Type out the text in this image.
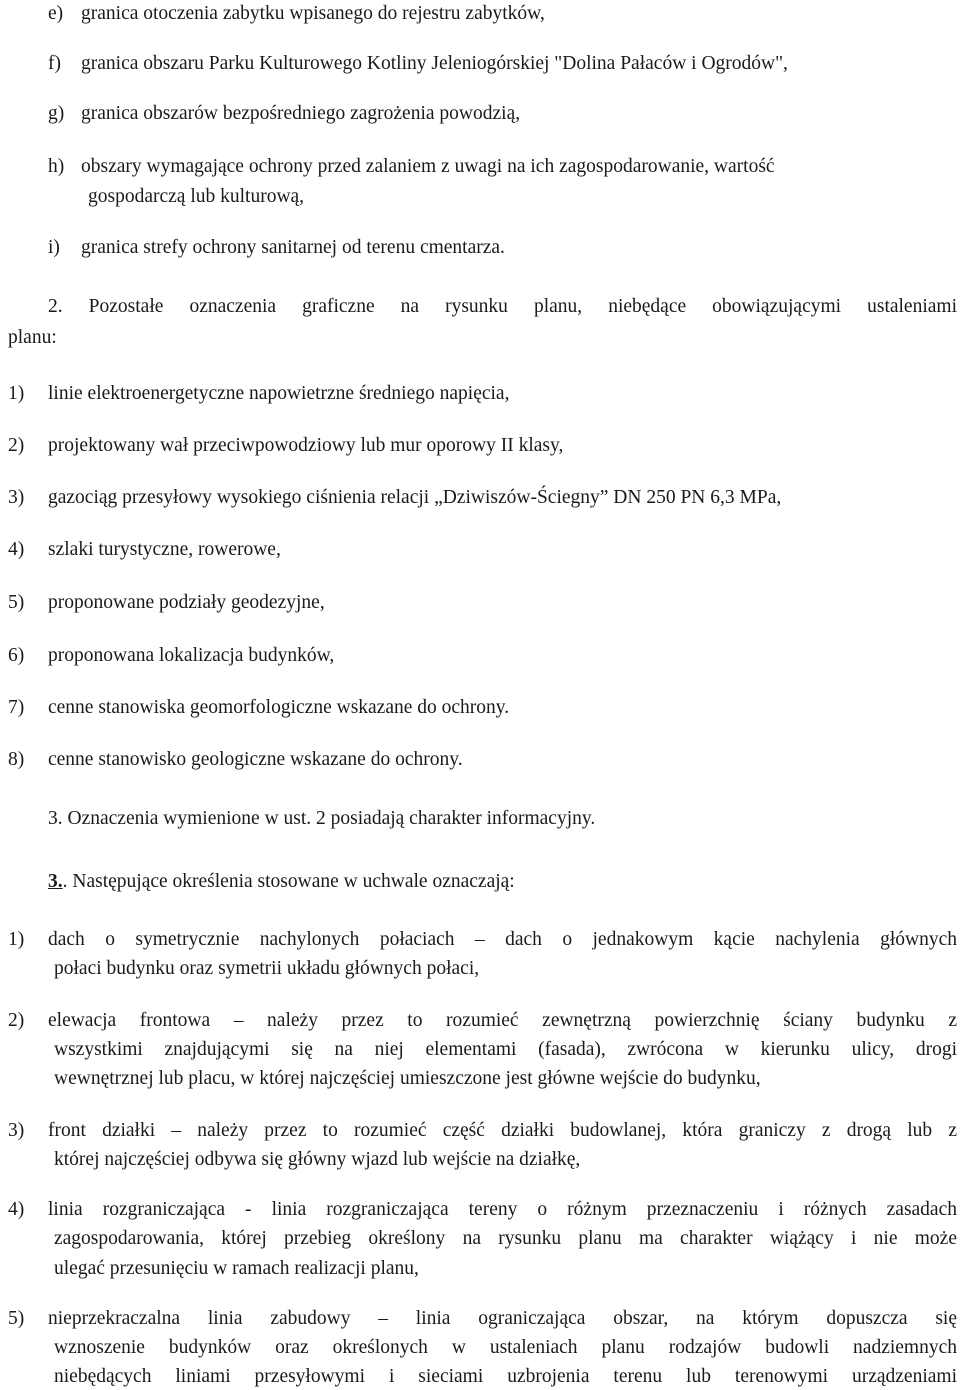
e) granica otoczenia zabytku wpisanego do rejestru zabytków,
f) granica obszaru Parku Kulturowego Kotliny Jeleniogórskiej "Dolina Pałaców i Ogrodów",
g) granica obszarów bezpośredniego zagrożenia powodzią,
h) obszary wymagające ochrony przed zalaniem z uwagi na ich zagospodarowanie, wartość
gospodarczą lub kulturową,
i) granica strefy ochrony sanitarnej od terenu cmentarza.
2. Pozostałe oznaczenia graficzne na rysunku planu, niebędące obowiązującymi ustaleniami
planu:
1) linie elektroenergetyczne napowietrzne średniego napięcia,
2) projektowany wał przeciwpowodziowy lub mur oporowy II klasy,
3) gazociąg przesyłowy wysokiego ciśnienia relacji „Dziwiszów-Ściegny” DN 250 PN 6,3 MPa,
4) szlaki turystyczne, rowerowe,
5) proponowane podziały geodezyjne,
6) proponowana lokalizacja budynków,
7) cenne stanowiska geomorfologiczne wskazane do ochrony.
8) cenne stanowisko geologiczne wskazane do ochrony.
3. Oznaczenia wymienione w ust. 2 posiadają charakter informacyjny.
3.. Następujące określenia stosowane w uchwale oznaczają:
1) dach o symetrycznie nachylonych połaciach – dach o jednakowym kącie nachylenia głównych
połaci budynku oraz symetrii układu głównych połaci,
2) elewacja frontowa – należy przez to rozumieć zewnętrzną powierzchnię ściany budynku z
wszystkimi znajdującymi się na niej elementami (fasada), zwrócona w kierunku ulicy, drogi
wewnętrznej lub placu, w której najczęściej umieszczone jest główne wejście do budynku,
3) front działki – należy przez to rozumieć część działki budowlanej, która graniczy z drogą lub z
której najczęściej odbywa się główny wjazd lub wejście na działkę,
4) linia rozgraniczająca - linia rozgraniczająca tereny o różnym przeznaczeniu i różnych zasadach
zagospodarowania, której przebieg określony na rysunku planu ma charakter wiążący i nie może
ulegać przesunięciu w ramach realizacji planu,
5) nieprzekraczalna linia zabudowy – linia ograniczająca obszar, na którym dopuszcza się
wznoszenie budynków oraz określonych w ustaleniach planu rodzajów budowli nadziemnych
niebędących liniami przesyłowymi i sieciami uzbrojenia terenu lub terenowymi urządzeniami
